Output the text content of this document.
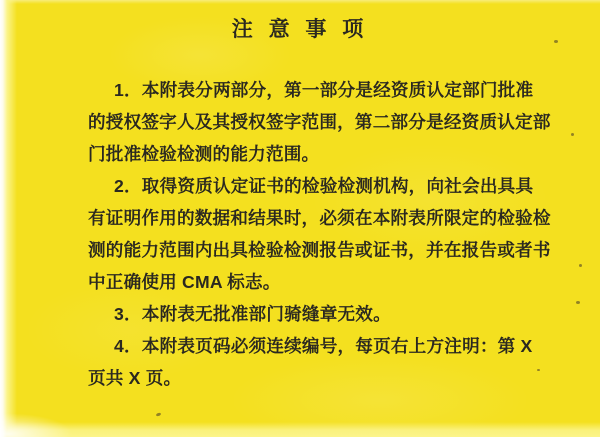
注 意 事 项
1．本附表分两部分，第一部分是经资质认定部门批准
的授权签字人及其授权签字范围，第二部分是经资质认定部
门批准检验检测的能力范围。
2．取得资质认定证书的检验检测机构，向社会出具具
有证明作用的数据和结果时，必须在本附表所限定的检验检
测的能力范围内出具检验检测报告或证书，并在报告或者书
中正确使用 CMA 标志。
3．本附表无批准部门骑缝章无效。
4．本附表页码必须连续编号，每页右上方注明：第 X
页共 X 页。
